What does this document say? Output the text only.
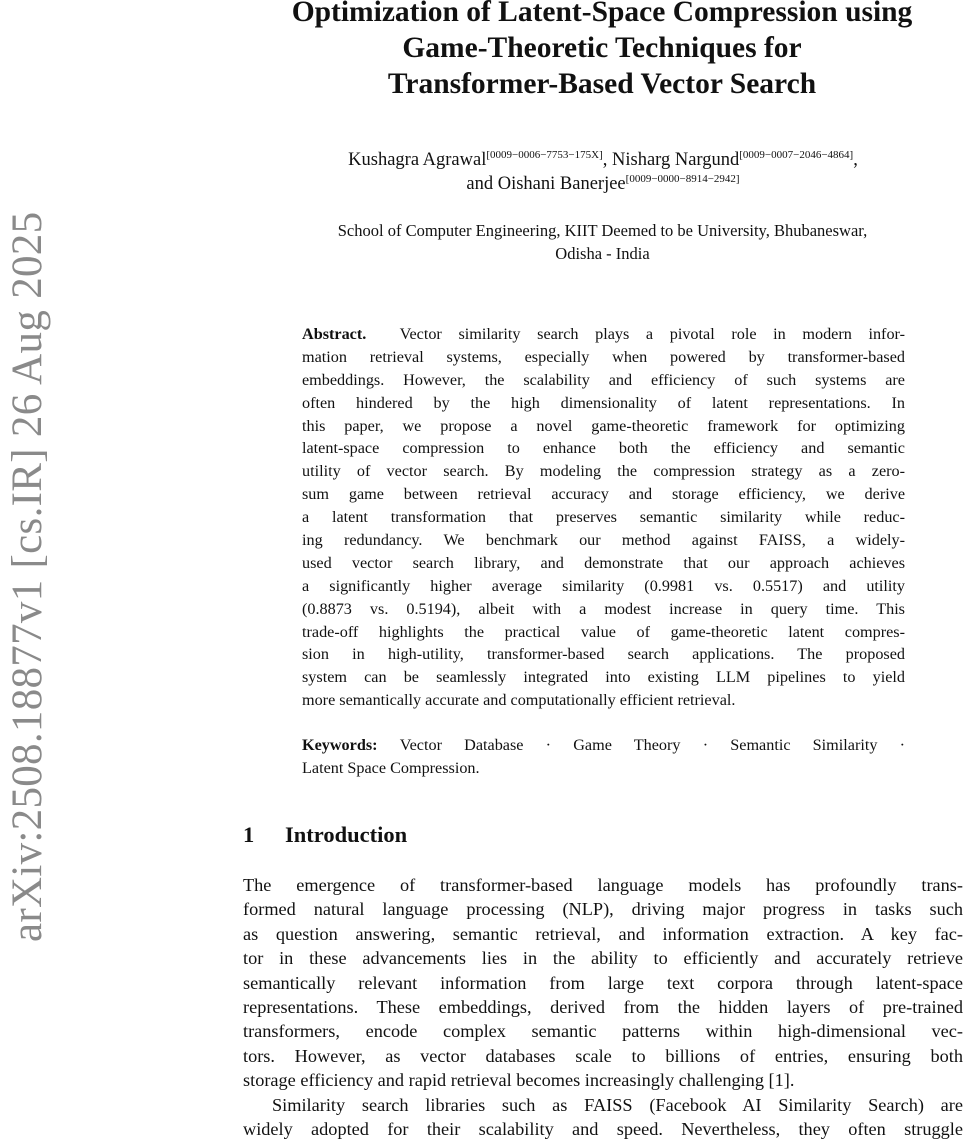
arXiv:2508.18877v1 [cs.IR] 26 Aug 2025
Optimization of Latent-Space Compression using
Game-Theoretic Techniques for
Transformer-Based Vector Search
Kushagra Agrawal[0009−0006−7753−175X], Nisharg Nargund[0009−0007−2046−4864],
and Oishani Banerjee[0009−0000−8914−2942]
School of Computer Engineering, KIIT Deemed to be University, Bhubaneswar,
Odisha - India
Abstract. Vector similarity search plays a pivotal role in modern infor-
mation retrieval systems, especially when powered by transformer-based
embeddings. However, the scalability and efficiency of such systems are
often hindered by the high dimensionality of latent representations. In
this paper, we propose a novel game-theoretic framework for optimizing
latent-space compression to enhance both the efficiency and semantic
utility of vector search. By modeling the compression strategy as a zero-
sum game between retrieval accuracy and storage efficiency, we derive
a latent transformation that preserves semantic similarity while reduc-
ing redundancy. We benchmark our method against FAISS, a widely-
used vector search library, and demonstrate that our approach achieves
a significantly higher average similarity (0.9981 vs. 0.5517) and utility
(0.8873 vs. 0.5194), albeit with a modest increase in query time. This
trade-off highlights the practical value of game-theoretic latent compres-
sion in high-utility, transformer-based search applications. The proposed
system can be seamlessly integrated into existing LLM pipelines to yield
more semantically accurate and computationally efficient retrieval.
Keywords: Vector Database · Game Theory · Semantic Similarity ·
Latent Space Compression.
1 Introduction
The emergence of transformer-based language models has profoundly trans-
formed natural language processing (NLP), driving major progress in tasks such
as question answering, semantic retrieval, and information extraction. A key fac-
tor in these advancements lies in the ability to efficiently and accurately retrieve
semantically relevant information from large text corpora through latent-space
representations. These embeddings, derived from the hidden layers of pre-trained
transformers, encode complex semantic patterns within high-dimensional vec-
tors. However, as vector databases scale to billions of entries, ensuring both
storage efficiency and rapid retrieval becomes increasingly challenging [1].
Similarity search libraries such as FAISS (Facebook AI Similarity Search) are
widely adopted for their scalability and speed. Nevertheless, they often struggle
